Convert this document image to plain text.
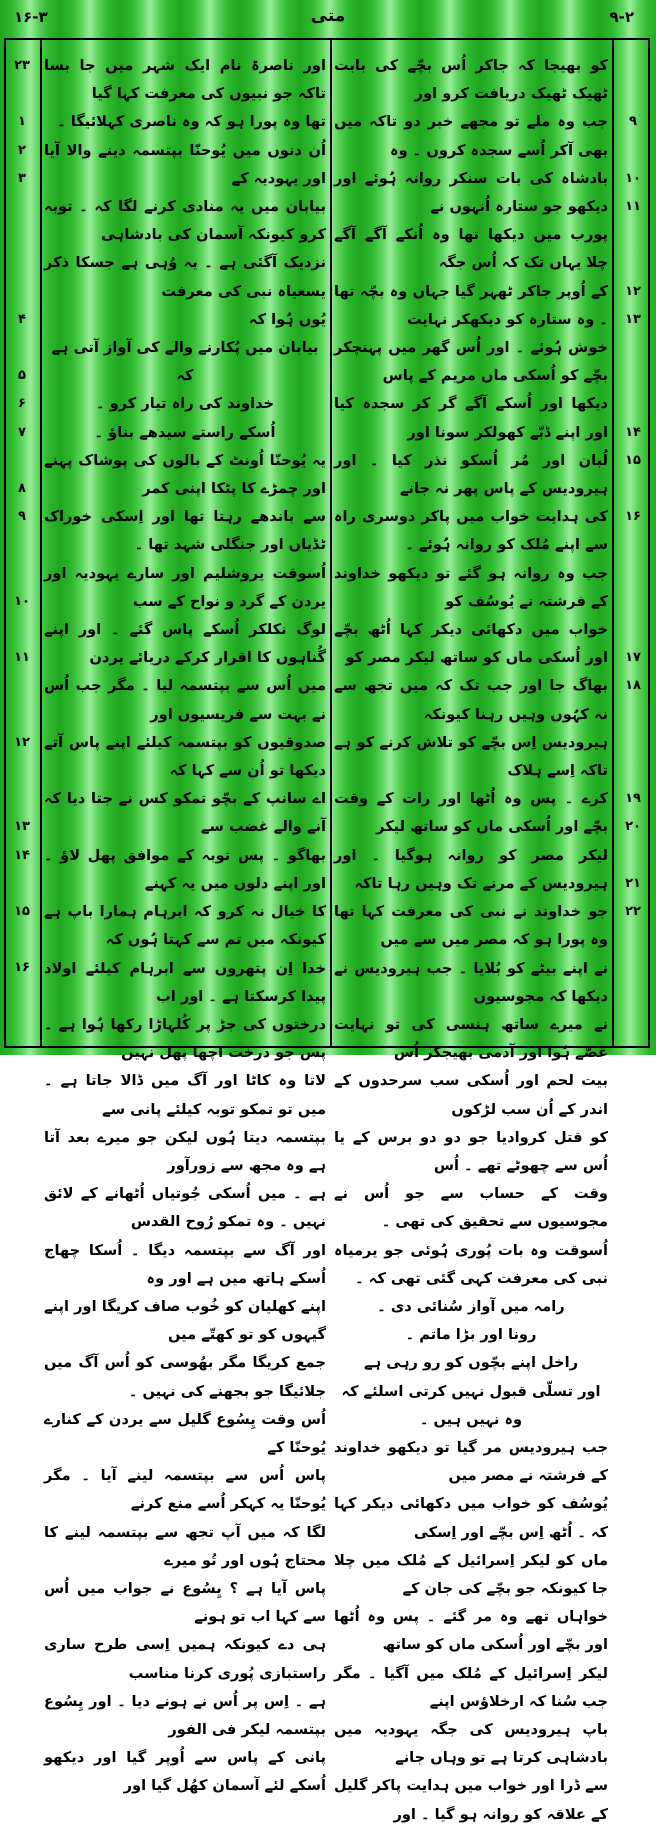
۱۶-۳	متی	۹-۲

کو بھیجا کہ جاکر اُس بچّے کی بابت ٹھیک ٹھیک دریافت کرو اور

جب وہ ملے تو مجھے خبر دو تاکہ میں بھی آکر اُسے سجدہ کروں ۔ وہ

بادشاہ کی بات سنکر روانہ ہُوئے اور دیکھو جو ستارہ اُنہوں نے

پورب میں دیکھا تھا وہ اُنکے آگے آگے چلا یہاں تک کہ اُس جگہ

کے اُوپر جاکر ٹھہر گیا جہاں وہ بچّہ تھا ۔ وہ ستارہ کو دیکھکر نہایت

خوش ہُوئے ۔ اور اُس گھر میں پہنچکر بچّے کو اُسکی ماں مریم کے پاس

دیکھا اور اُسکے آگے گر کر سجدہ کیا اور اپنے ڈبّے کھولکر سونا اور

لُبان اور مُر اُسکو نذر کیا ۔ اور ہیرودیس کے پاس پھر نہ جانے

کی ہدایت خواب میں پاکر دوسری راہ سے اپنے مُلک کو روانہ ہُوئے ۔

جب وہ روانہ ہو گئے تو دیکھو خداوند کے فرشتہ نے یُوسُف کو

خواب میں دکھائی دیکر کہا اُٹھ بچّے اور اُسکی ماں کو ساتھ لیکر مصر کو

بھاگ جا اور جب تک کہ میں تجھ سے نہ کہُوں وہیں رہنا کیونکہ

ہیرودیس اِس بچّے کو تلاش کرنے کو ہے تاکہ اِسے ہلاک

کرے ۔ پس وہ اُٹھا اور رات کے وقت بچّے اور اُسکی ماں کو ساتھ لیکر

لیکر مصر کو روانہ ہوگیا ۔ اور ہیرودیس کے مرنے تک وہیں رہا تاکہ

جو خداوند نے نبی کی معرفت کہا تھا وہ پورا ہو کہ مصر میں سے میں

نے اپنے بیٹے کو بُلایا ۔ جب ہیرودیس نے دیکھا کہ مجوسیوں

نے میرے ساتھ ہنسی کی تو نہایت غصّے ہُوا اور آدمی بھیجکر اُس

بیت لحم اور اُسکی سب سرحدوں کے اندر کے اُن سب لڑکوں

کو قتل کروادیا جو دو دو برس کے یا اُس سے چھوٹے تھے ۔ اُس

وقت کے حساب سے جو اُس نے مجوسیوں سے تحقیق کی تھی ۔

اُسوقت وہ بات پُوری ہُوئی جو یرمیاہ نبی کی معرفت کہی گئی تھی کہ ۔

رامہ میں آواز سُنائی دی ۔

رونا اور بڑا ماتم ۔

راخل اپنے بچّوں کو رو رہی ہے

اور تسلّی قبول نہیں کرتی اسلئے کہ وہ نہیں ہیں ۔

جب ہیرودیس مر گیا تو دیکھو خداوند کے فرشتہ نے مصر میں

یُوسُف کو خواب میں دکھائی دیکر کہا کہ ۔ اُٹھ اِس بچّے اور اِسکی

ماں کو لیکر اِسرائیل کے مُلک میں چلا جا کیونکہ جو بچّے کی جان کے

خواہاں تھے وہ مر گئے ۔ پس وہ اُٹھا اور بچّے اور اُسکی ماں کو ساتھ

لیکر اِسرائیل کے مُلک میں آگیا ۔ مگر جب سُنا کہ ارخلاؤس اپنے

باپ ہیرودیس کی جگہ یہودیہ میں بادشاہی کرتا ہے تو وہاں جانے

سے ڈرا اور خواب میں ہدایت پاکر گلیل کے علاقہ کو روانہ ہو گیا ۔ اور

اور ناصرۃ نام ایک شہر میں جا بسا تاکہ جو نبیوں کی معرفت کہا گیا

تھا وہ پورا ہو کہ وہ ناصری کہلائیگا ۔

اُن دنوں میں یُوحنّا بپتسمہ دینے والا آیا اور یہودیہ کے

بیابان میں یہ منادی کرنے لگا کہ ۔ توبہ کرو کیونکہ آسمان کی بادشاہی

نزدیک آگئی ہے ۔ یہ وُہی ہے جسکا ذکر یسعیاہ نبی کی معرفت

یُوں ہُوا کہ

بیابان میں پُکارنے والے کی آواز آتی ہے کہ

خداوند کی راہ تیار کرو ۔

اُسکے راستے سیدھے بناؤ ۔

یہ یُوحنّا اُونٹ کے بالوں کی پوشاک پہنے اور چمڑے کا پٹکا اپنی کمر

سے باندھے رہتا تھا اور اِسکی خوراک ٹڈیاں اور جنگلی شہد تھا ۔

اُسوقت یروشلیم اور سارے یہودیہ اور یردن کے گرد و نواح کے سب

لوگ نکلکر اُسکے پاس گئے ۔ اور اپنے گُناہوں کا اقرار کرکے دریائے یردن

میں اُس سے بپتسمہ لیا ۔ مگر جب اُس نے بہت سے فریسیوں اور

صدوقیوں کو بپتسمہ کیلئے اپنے پاس آتے دیکھا تو اُن سے کہا کہ

اے سانپ کے بچّو تمکو کس نے جتا دیا کہ آنے والے غضب سے

بھاگو ۔ پس توبہ کے موافق پھل لاؤ ۔ اور اپنے دلوں میں یہ کہنے

کا خیال نہ کرو کہ ابرہام ہمارا باپ ہے کیونکہ میں تم سے کہتا ہُوں کہ

خدا اِن پتھروں سے ابرہام کیلئے اولاد پیدا کرسکتا ہے ۔ اور اب

درختوں کی جڑ پر کُلہاڑا رکھا ہُوا ہے ۔ پس جو درخت اچھا پھل نہیں

لاتا وہ کاٹا اور آگ میں ڈالا جاتا ہے ۔ میں تو تمکو توبہ کیلئے پانی سے

بپتسمہ دیتا ہُوں لیکن جو میرے بعد آتا ہے وہ مجھ سے زورآور

ہے ۔ میں اُسکی جُوتیاں اُٹھانے کے لائق نہیں ۔ وہ تمکو رُوح القدس

اور آگ سے بپتسمہ دیگا ۔ اُسکا چھاج اُسکے ہاتھ میں ہے اور وہ

اپنے کھلیان کو خُوب صاف کریگا اور اپنے گیہوں کو تو کھتّے میں

جمع کریگا مگر بھُوسی کو اُس آگ میں جلائیگا جو بجھنے کی نہیں ۔

اُس وقت یِسُوع گلیل سے یردن کے کنارے یُوحنّا کے

پاس اُس سے بپتسمہ لینے آیا ۔ مگر یُوحنّا یہ کہکر اُسے منع کرنے

لگا کہ میں آپ تجھ سے بپتسمہ لینے کا محتاج ہُوں اور تُو میرے

پاس آیا ہے ؟ یِسُوع نے جواب میں اُس سے کہا اب تو ہونے

ہی دے کیونکہ ہمیں اِسی طرح ساری راستبازی پُوری کرنا مناسب

ہے ۔ اِس پر اُس نے ہونے دیا ۔ اور یِسُوع بپتسمہ لیکر فی الفور

پانی کے پاس سے اُوپر گیا اور دیکھو اُسکے لئے آسمان کھُل گیا اور

۹
۱۰
۱۱
۱۲
۱۳
۱۴
۱۵
۱۶
۱۷
۱۸
۱۹
۲۰
۲۱
۲۲
۲۳
۱
۲
۳
۴
۵
۶
۷
۸
۹
۱۰
۱۱
۱۲
۱۳
۱۴
۱۵
۱۶
